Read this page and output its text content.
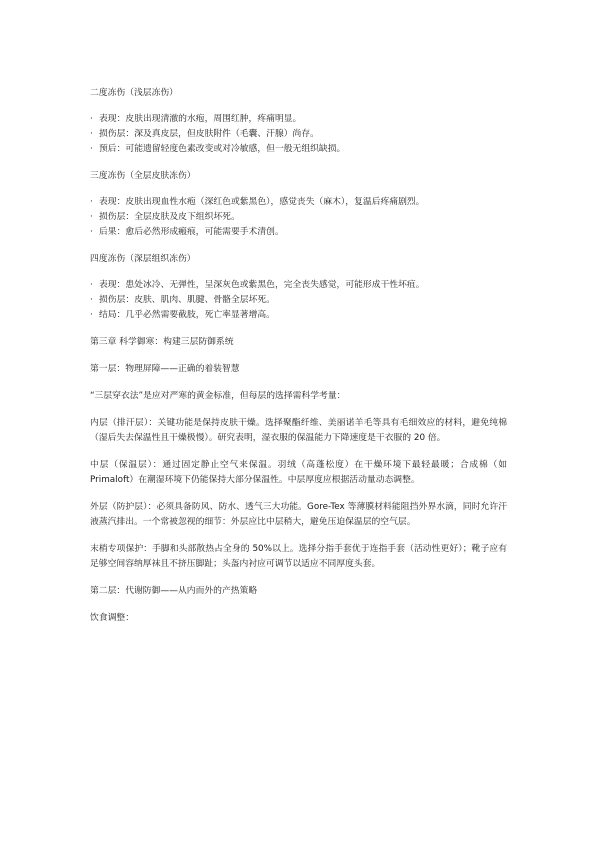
二度冻伤（浅层冻伤）

· 表现：皮肤出现清澈的水疱，周围红肿，疼痛明显。
· 损伤层：深及真皮层，但皮肤附件（毛囊、汗腺）尚存。
· 预后：可能遗留轻度色素改变或对冷敏感，但一般无组织缺损。

三度冻伤（全层皮肤冻伤）

· 表现：皮肤出现血性水疱（深红色或紫黑色），感觉丧失（麻木），复温后疼痛剧烈。
· 损伤层：全层皮肤及皮下组织坏死。
· 后果：愈后必然形成瘢痕，可能需要手术清创。

四度冻伤（深层组织冻伤）

· 表现：患处冰冷、无弹性，呈深灰色或紫黑色，完全丧失感觉，可能形成干性坏疽。
· 损伤层：皮肤、肌肉、肌腱、骨骼全层坏死。
· 结局：几乎必然需要截肢，死亡率显著增高。

第三章 科学御寒：构建三层防御系统

第一层：物理屏障——正确的着装智慧

“三层穿衣法”是应对严寒的黄金标准，但每层的选择需科学考量：

内层（排汗层）：关键功能是保持皮肤干燥。选择聚酯纤维、美丽诺羊毛等具有毛细效应的材料，避免纯棉（湿后失去保温性且干燥极慢）。研究表明，湿衣服的保温能力下降速度是干衣服的 20 倍。

中层（保温层）：通过固定静止空气来保温。羽绒（高蓬松度）在干燥环境下最轻最暖；合成棉（如 Primaloft）在潮湿环境下仍能保持大部分保温性。中层厚度应根据活动量动态调整。

外层（防护层）：必须具备防风、防水、透气三大功能。Gore-Tex 等薄膜材料能阻挡外界水滴，同时允许汗液蒸汽排出。一个常被忽视的细节：外层应比中层稍大，避免压迫保温层的空气层。

末梢专项保护：手脚和头部散热占全身的 50%以上。选择分指手套优于连指手套（活动性更好）；靴子应有足够空间容纳厚袜且不挤压脚趾；头盔内衬应可调节以适应不同厚度头套。

第二层：代谢防御——从内而外的产热策略

饮食调整：
